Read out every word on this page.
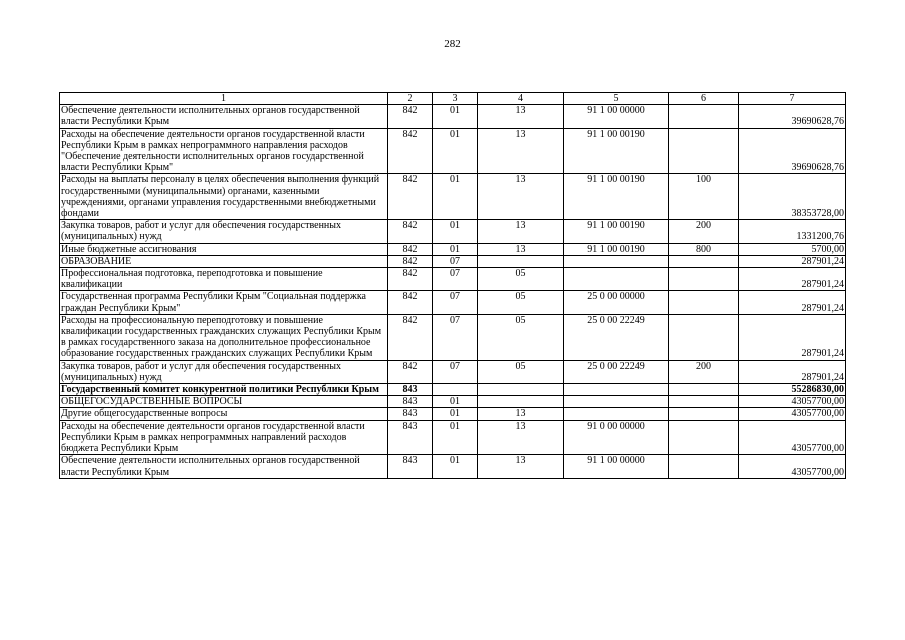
282
1	2	3	4	5	6	7
Обеспечение деятельности исполнительных органов государственной власти Республики Крым	842	01	13	91 1 00 00000		39690628,76
Расходы на обеспечение деятельности органов государственной власти Республики Крым в рамках непрограммного направления расходов "Обеспечение деятельности исполнительных органов государственной власти Республики Крым"	842	01	13	91 1 00 00190		39690628,76
Расходы на выплаты персоналу в целях обеспечения выполнения функций государственными (муниципальными) органами, казенными учреждениями, органами управления государственными внебюджетными фондами	842	01	13	91 1 00 00190	100	38353728,00
Закупка товаров, работ и услуг для обеспечения государственных (муниципальных) нужд	842	01	13	91 1 00 00190	200	1331200,76
Иные бюджетные ассигнования	842	01	13	91 1 00 00190	800	5700,00
ОБРАЗОВАНИЕ	842	07				287901,24
Профессиональная подготовка, переподготовка и повышение квалификации	842	07	05			287901,24
Государственная программа Республики Крым "Социальная поддержка граждан Республики Крым"	842	07	05	25 0 00 00000		287901,24
Расходы на профессиональную переподготовку и повышение квалификации государственных гражданских служащих Республики Крым в рамках государственного заказа на дополнительное профессиональное образование государственных гражданских служащих Республики Крым	842	07	05	25 0 00 22249		287901,24
Закупка товаров, работ и услуг для обеспечения государственных (муниципальных) нужд	842	07	05	25 0 00 22249	200	287901,24
Государственный комитет конкурентной политики Республики Крым	843					55286830,00
ОБЩЕГОСУДАРСТВЕННЫЕ ВОПРОСЫ	843	01				43057700,00
Другие общегосударственные вопросы	843	01	13			43057700,00
Расходы на обеспечение деятельности органов государственной власти Республики Крым в рамках непрограммных направлений расходов бюджета Республики Крым	843	01	13	91 0 00 00000		43057700,00
Обеспечение деятельности исполнительных органов государственной власти Республики Крым	843	01	13	91 1 00 00000		43057700,00
